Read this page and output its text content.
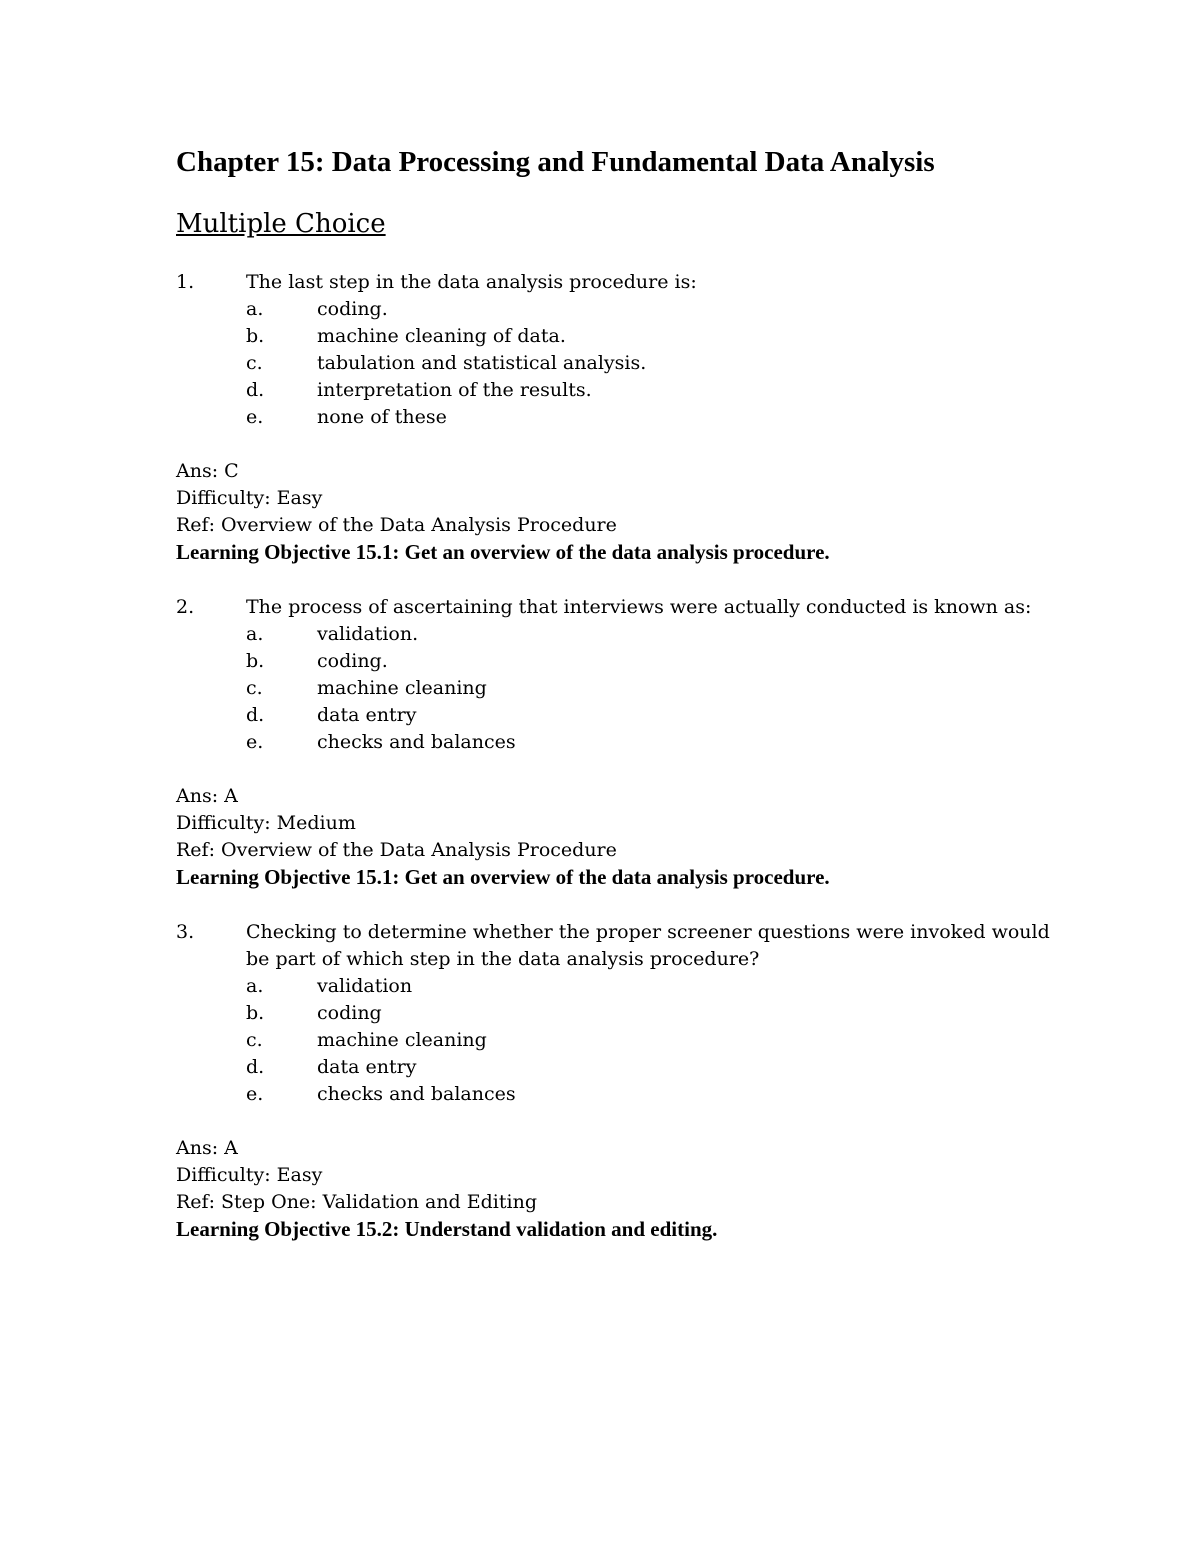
Chapter 15: Data Processing and Fundamental Data Analysis
Multiple Choice
1.	The last step in the data analysis procedure is:
a.	coding.
b.	machine cleaning of data.
c.	tabulation and statistical analysis.
d.	interpretation of the results.
e.	none of these
Ans: C
Difficulty: Easy
Ref: Overview of the Data Analysis Procedure
Learning Objective 15.1: Get an overview of the data analysis procedure.
2.	The process of ascertaining that interviews were actually conducted is known as:
a.	validation.
b.	coding.
c.	machine cleaning
d.	data entry
e.	checks and balances
Ans: A
Difficulty: Medium
Ref: Overview of the Data Analysis Procedure
Learning Objective 15.1: Get an overview of the data analysis procedure.
3.	Checking to determine whether the proper screener questions were invoked would
be part of which step in the data analysis procedure?
a.	validation
b.	coding
c.	machine cleaning
d.	data entry
e.	checks and balances
Ans: A
Difficulty: Easy
Ref: Step One: Validation and Editing
Learning Objective 15.2: Understand validation and editing.
